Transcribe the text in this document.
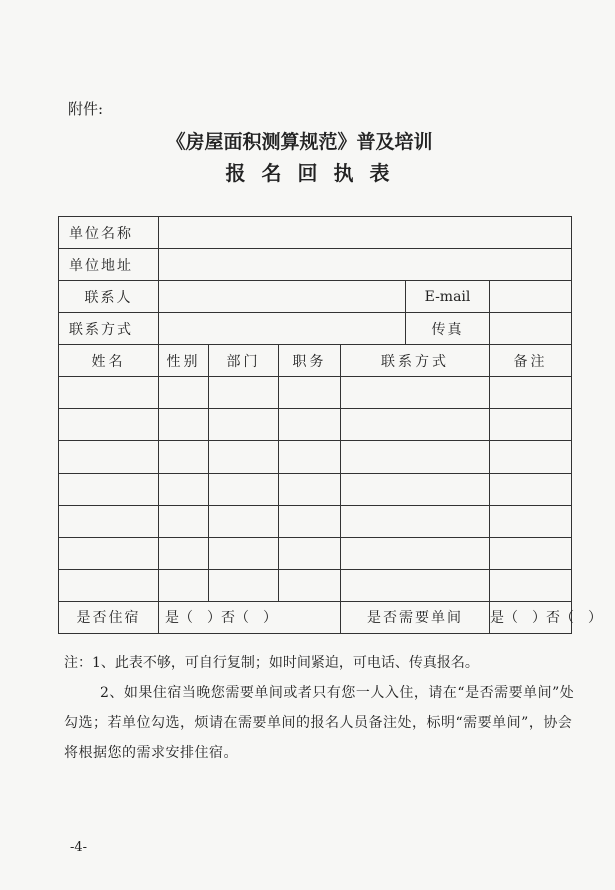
附件:
《房屋面积测算规范》普及培训
报名回执表
单位名称						
单位地址						
联系人					E-mail	
联系方式					传真	
姓名	性别	部门	职务	联系方式		备注

是否住宿	是（　）否（　）			是否需要单间		是（　）否（　）

注：1、此表不够，可自行复制；如时间紧迫，可电话、传真报名。

2、如果住宿当晚您需要单间或者只有您一人入住，请在“是否需要单间”处勾选；若单位勾选，烦请在需要单间的报名人员备注处，标明“需要单间”，协会将根据您的需求安排住宿。
-4-
